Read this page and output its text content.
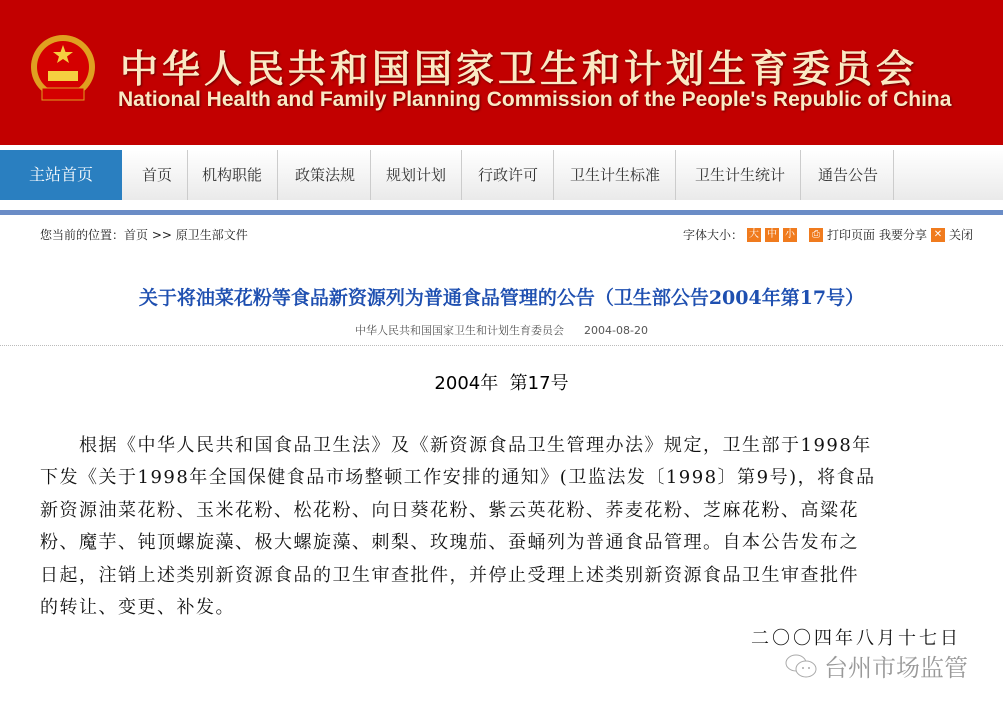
中华人民共和国国家卫生和计划生育委员会
National Health and Family Planning Commission of the People's Republic of China
主站首页	首页	机构职能	政策法规	规划计划	行政许可	卫生计生标准	卫生计生统计	通告公告
您当前的位置：首页 >> 原卫生部文件	字体大小： 大 中 小	⎙ 打印页面 我要分享 ✕ 关闭
关于将油菜花粉等食品新资源列为普通食品管理的公告（卫生部公告2004年第17号）
中华人民共和国国家卫生和计划生育委员会 2004-08-20
2004年  第17号
　　根据《中华人民共和国食品卫生法》及《新资源食品卫生管理办法》规定，卫生部于1998年
下发《关于1998年全国保健食品市场整顿工作安排的通知》(卫监法发〔1998〕第9号)，将食品
新资源油菜花粉、玉米花粉、松花粉、向日葵花粉、紫云英花粉、荞麦花粉、芝麻花粉、高粱花
粉、魔芋、钝顶螺旋藻、极大螺旋藻、刺梨、玫瑰茄、蚕蛹列为普通食品管理。自本公告发布之
日起，注销上述类别新资源食品的卫生审查批件，并停止受理上述类别新资源食品卫生审查批件
的转让、变更、补发。
二〇〇四年八月十七日
台州市场监管
